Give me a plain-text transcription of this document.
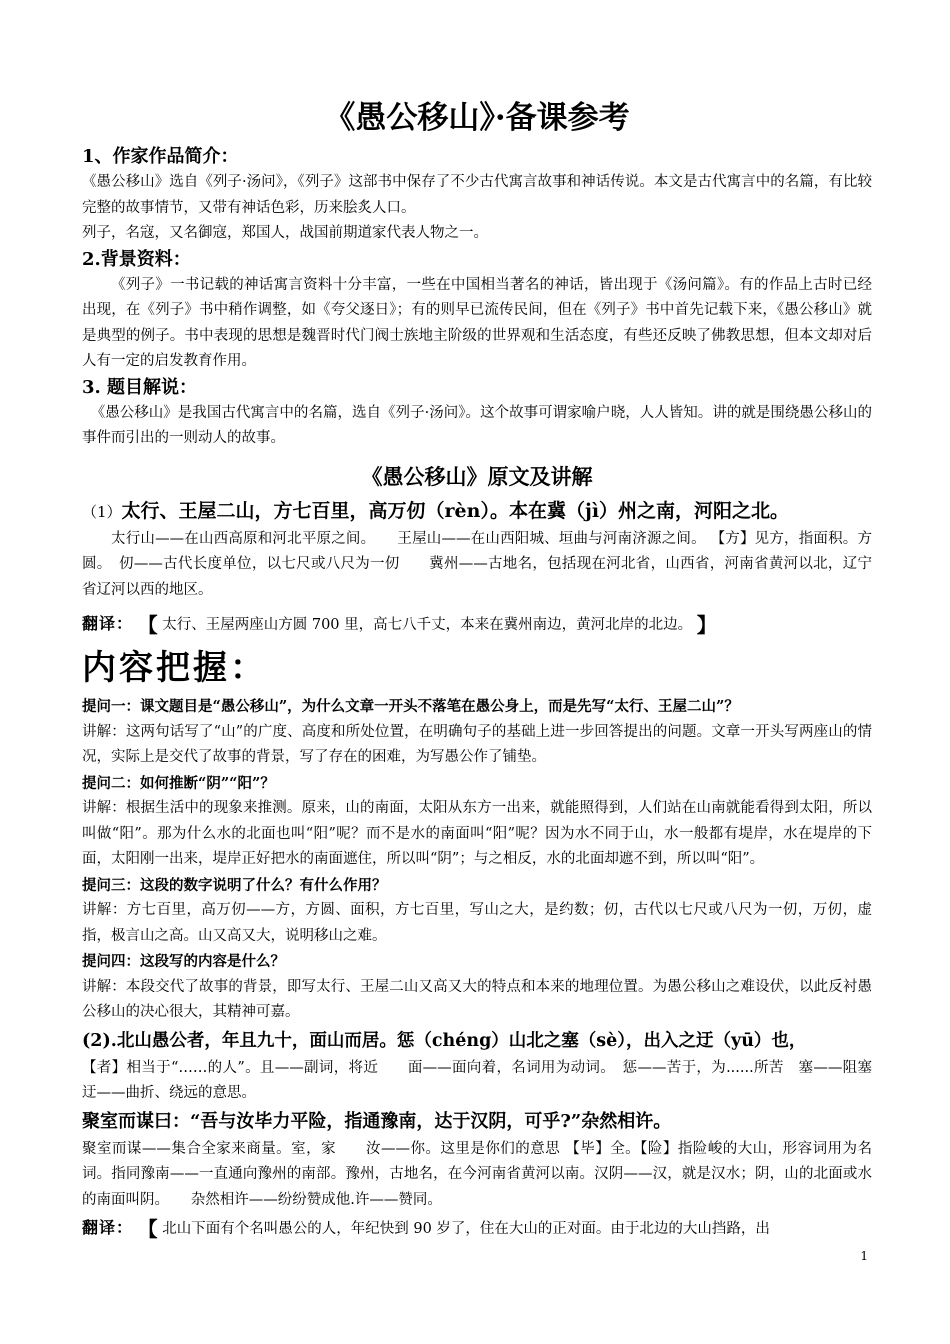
《愚公移山》·备课参考
1、作家作品简介：

《愚公移山》选自《列子·汤问》，《列子》这部书中保存了不少古代寓言故事和神话传说。本文是古代寓言中的名篇，有比较完整的故事情节，又带有神话色彩，历来脍炙人口。

列子，名寇，又名御寇，郑国人，战国前期道家代表人物之一。

2.背景资料：

《列子》一书记载的神话寓言资料十分丰富，一些在中国相当著名的神话，皆出现于《汤问篇》。有的作品上古时已经出现，在《列子》书中稍作调整，如《夸父逐日》；有的则早已流传民间，但在《列子》书中首先记载下来，《愚公移山》就是典型的例子。书中表现的思想是魏晋时代门阀士族地主阶级的世界观和生活态度，有些还反映了佛教思想，但本文却对后人有一定的启发教育作用。

3. 题目解说：

《愚公移山》是我国古代寓言中的名篇，选自《列子·汤问》。这个故事可谓家喻户晓，人人皆知。讲的就是围绕愚公移山的事件而引出的一则动人的故事。

《愚公移山》原文及讲解

（1）太行、王屋二山，方七百里，高万仞（rèn）。本在冀（jì）州之南，河阳之北。

太行山——在山西高原和河北平原之间。　　王屋山——在山西阳城、垣曲与河南济源之间。 【方】见方，指面积。方圆。　仞——古代长度单位，以七尺或八尺为一仞　　冀州——古地名，包括现在河北省，山西省，河南省黄河以北，辽宁省辽河以西的地区。

翻译： 【 太行、王屋两座山方圆 700 里，高七八千丈，本来在冀州南边，黄河北岸的北边。 】

内容把握：

提问一：课文题目是“愚公移山”，为什么文章一开头不落笔在愚公身上，而是先写“太行、王屋二山”？

讲解：这两句话写了“山”的广度、高度和所处位置，在明确句子的基础上进一步回答提出的问题。文章一开头写两座山的情况，实际上是交代了故事的背景，写了存在的困难，为写愚公作了铺垫。

提问二：如何推断“阴”“阳”？

讲解：根据生活中的现象来推测。原来，山的南面，太阳从东方一出来，就能照得到，人们站在山南就能看得到太阳，所以叫做“阳”。那为什么水的北面也叫“阳”呢？而不是水的南面叫“阳”呢？因为水不同于山，水一般都有堤岸，水在堤岸的下面，太阳刚一出来，堤岸正好把水的南面遮住，所以叫“阴”；与之相反，水的北面却遮不到，所以叫“阳”。

提问三：这段的数字说明了什么？有什么作用？

讲解：方七百里，高万仞——方，方圆、面积，方七百里，写山之大，是约数；仞，古代以七尺或八尺为一仞，万仞，虚指，极言山之高。山又高又大，说明移山之难。

提问四：这段写的内容是什么？

讲解：本段交代了故事的背景，即写太行、王屋二山又高又大的特点和本来的地理位置。为愚公移山之难设伏，以此反衬愚公移山的决心很大，其精神可嘉。

(2).北山愚公者，年且九十，面山而居。惩（chéng）山北之塞（sè），出入之迂（yū）也，

【者】相当于“……的人”。且——副词，将近　　面——面向着，名词用为动词。　惩——苦于，为......所苦　塞——阻塞　　迂——曲折、绕远的意思。

聚室而谋曰：“吾与汝毕力平险，指通豫南，达于汉阴，可乎?”杂然相许。

聚室而谋——集合全家来商量。室，家　　汝——你。这里是你们的意思 【毕】全。【险】指险峻的大山，形容词用为名词。指同豫南——一直通向豫州的南部。豫州，古地名，在今河南省黄河以南。汉阴——汉，就是汉水；阴，山的北面或水的南面叫阴。　　杂然相许——纷纷赞成他.许——赞同。

翻译： 【 北山下面有个名叫愚公的人，年纪快到 90 岁了，住在大山的正对面。由于北边的大山挡路，出

1
